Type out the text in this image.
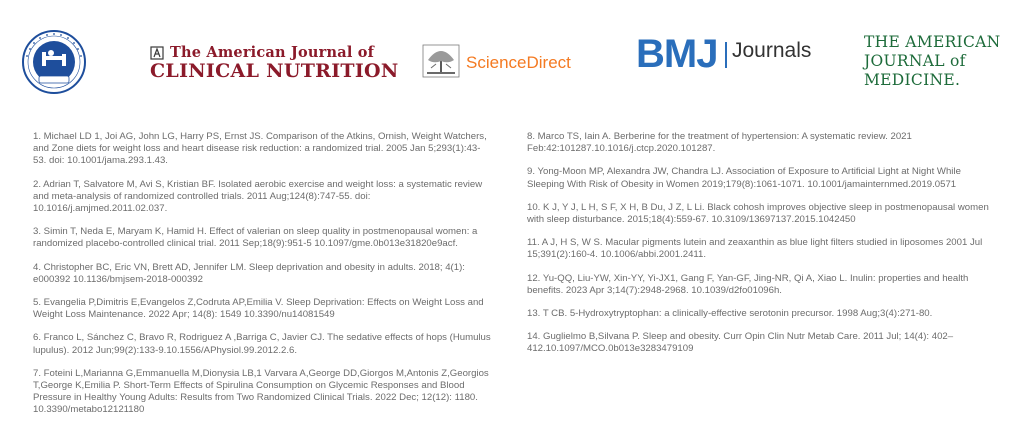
The American Journal of
CLINICAL NUTRITION	ScienceDirect BMJ Journals	THE AMERICAN
JOURNAL of
MEDICINE.

1. Michael LD 1, Joi AG, John LG, Harry PS, Ernst JS. Comparison of the Atkins, Ornish, Weight Watchers, and Zone diets for weight loss and heart disease risk reduction: a randomized trial. 2005 Jan 5;293(1):43-53. doi: 10.1001/jama.293.1.43.

2. Adrian T, Salvatore M, Avi S, Kristian BF. Isolated aerobic exercise and weight loss: a systematic review and meta-analysis of randomized controlled trials. 2011 Aug;124(8):747-55. doi: 10.1016/j.amjmed.2011.02.037.

3. Simin T, Neda E, Maryam K, Hamid H. Effect of valerian on sleep quality in postmenopausal women: a randomized placebo-controlled clinical trial. 2011 Sep;18(9):951-5 10.1097/gme.0b013e31820e9acf.

4. Christopher BC, Eric VN, Brett AD, Jennifer LM. Sleep deprivation and obesity in adults. 2018; 4(1): e000392 10.1136/bmjsem-2018-000392

5. Evangelia P,Dimitris E,Evangelos Z,Codruta AP,Emilia V. Sleep Deprivation: Effects on Weight Loss and Weight Loss Maintenance. 2022 Apr; 14(8): 1549 10.3390/nu14081549

6. Franco L, Sánchez C, Bravo R, Rodriguez A ,Barriga C, Javier CJ. The sedative effects of hops (Humulus lupulus). 2012 Jun;99(2):133-9.10.1556/APhysiol.99.2012.2.6.

7. Foteini L,Marianna G,Emmanuella M,Dionysia LB,1 Varvara A,George DD,Giorgos M,Antonis Z,Georgios T,George K,Emilia P. Short-Term Effects of Spirulina Consumption on Glycemic Responses and Blood Pressure in Healthy Young Adults: Results from Two Randomized Clinical Trials. 2022 Dec; 12(12): 1180. 10.3390/metabo12121180

8. Marco TS, Iain A. Berberine for the treatment of hypertension: A systematic review. 2021 Feb:42:101287.10.1016/j.ctcp.2020.101287.

9. Yong-Moon MP, Alexandra JW, Chandra LJ. Association of Exposure to Artificial Light at Night While Sleeping With Risk of Obesity in Women 2019;179(8):1061-1071. 10.1001/jamainternmed.2019.0571

10. K J, Y J, L H, S F, X H, B Du, J Z, L Li. Black cohosh improves objective sleep in postmenopausal women with sleep disturbance. 2015;18(4):559-67. 10.3109/13697137.2015.1042450

11. A J, H S, W S. Macular pigments lutein and zeaxanthin as blue light filters studied in liposomes 2001 Jul 15;391(2):160-4. 10.1006/abbi.2001.2411.

12. Yu-QQ, Liu-YW, Xin-YY, Yi-JX1, Gang F, Yan-GF, Jing-NR, Qi A, Xiao L. Inulin: properties and health benefits. 2023 Apr 3;14(7):2948-2968. 10.1039/d2fo01096h.

13. T CB. 5-Hydroxytryptophan: a clinically-effective serotonin precursor. 1998 Aug;3(4):271-80.

14. Guglielmo B,Silvana P. Sleep and obesity. Curr Opin Clin Nutr Metab Care. 2011 Jul; 14(4): 402–412.10.1097/MCO.0b013e3283479109
